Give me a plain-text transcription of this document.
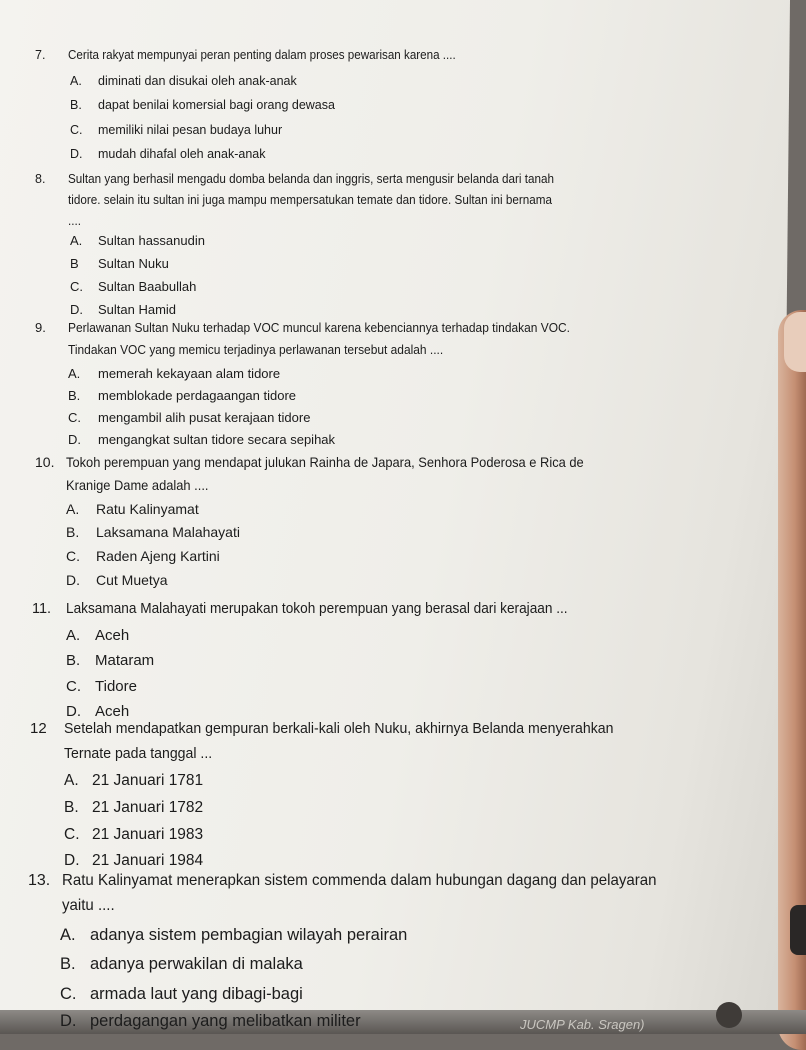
JUCMP Kab. Sragen)
7. Cerita rakyat mempunyai peran penting dalam proses pewarisan karena ....
A. diminati dan disukai oleh anak-anak
B. dapat benilai komersial bagi orang dewasa
C. memiliki nilai pesan budaya luhur
D. mudah dihafal oleh anak-anak
8. Sultan yang berhasil mengadu domba belanda dan inggris, serta mengusir belanda dari tanah
tidore. selain itu sultan ini juga mampu mempersatukan temate dan tidore. Sultan ini bernama
....
A. Sultan hassanudin
B Sultan Nuku
C. Sultan Baabullah
D. Sultan Hamid
9. Perlawanan Sultan Nuku terhadap VOC muncul karena kebenciannya terhadap tindakan VOC.
Tindakan VOC yang memicu terjadinya perlawanan tersebut adalah ....
A. memerah kekayaan alam tidore
B. memblokade perdagaangan tidore
C. mengambil alih pusat kerajaan tidore
D. mengangkat sultan tidore secara sepihak
10. Tokoh perempuan yang mendapat julukan Rainha de Japara, Senhora Poderosa e Rica de
Kranige Dame adalah ....
A. Ratu Kalinyamat
B. Laksamana Malahayati
C. Raden Ajeng Kartini
D. Cut Muetya
11. Laksamana Malahayati merupakan tokoh perempuan yang berasal dari kerajaan ...
A. Aceh
B. Mataram
C. Tidore
D. Aceh
12 Setelah mendapatkan gempuran berkali-kali oleh Nuku, akhirnya Belanda menyerahkan
Ternate pada tanggal ...
A. 21 Januari 1781
B. 21 Januari 1782
C. 21 Januari 1983
D. 21 Januari 1984
13. Ratu Kalinyamat menerapkan sistem commenda dalam hubungan dagang dan pelayaran
yaitu ....
A. adanya sistem pembagian wilayah perairan
B. adanya perwakilan di malaka
C. armada laut yang dibagi-bagi
D. perdagangan yang melibatkan militer
